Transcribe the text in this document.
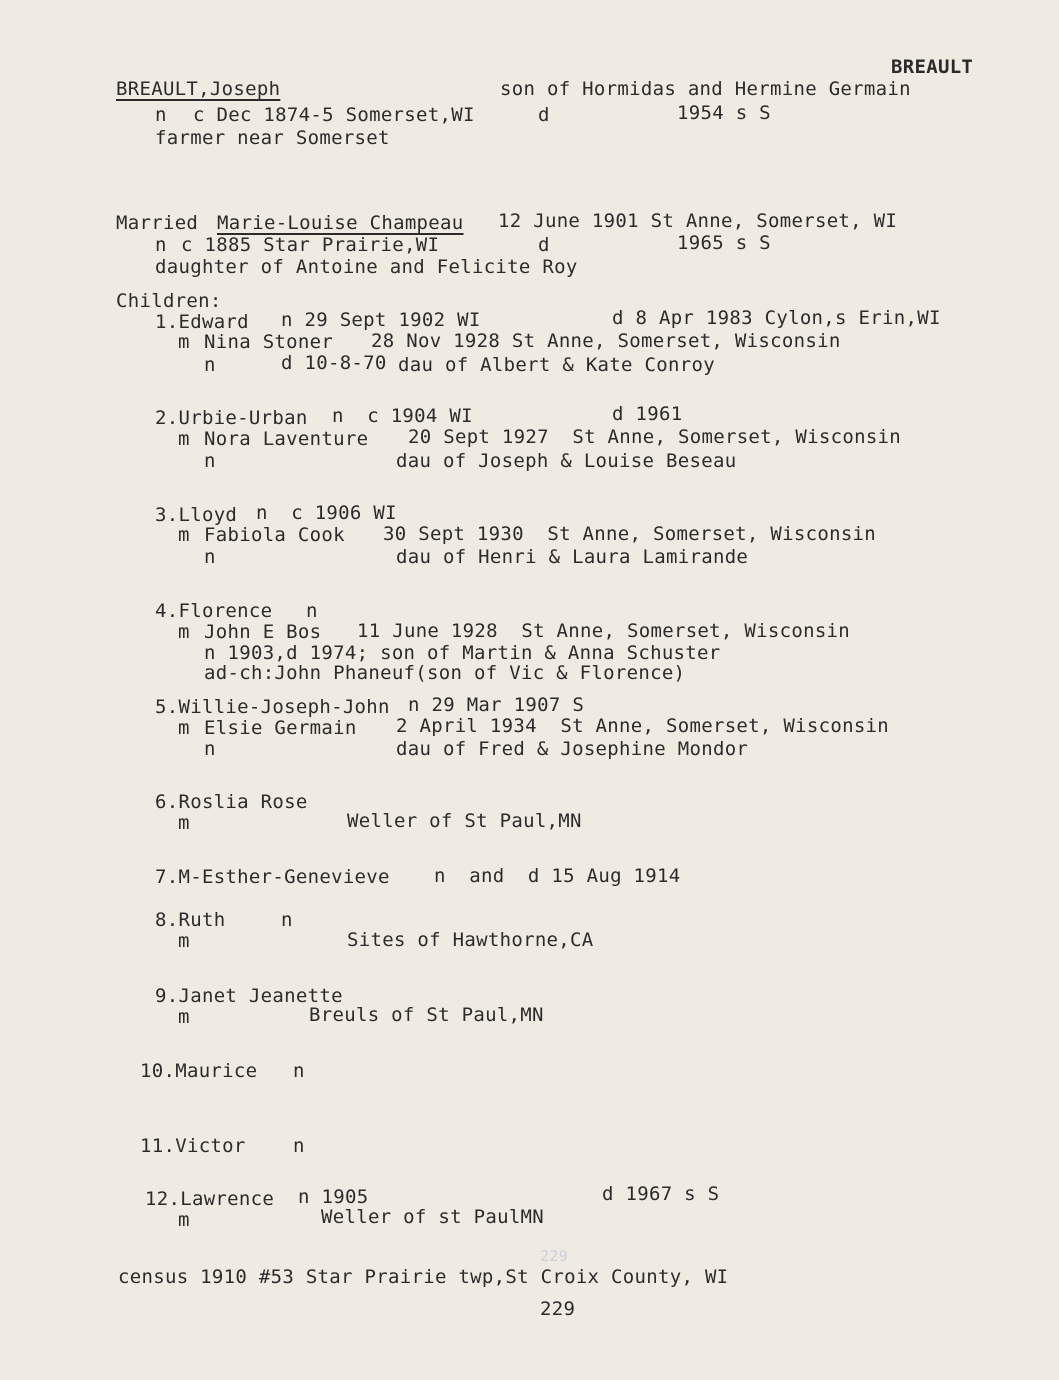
BREAULT
BREAULT,Joseph	son of Hormidas and Hermine Germain
n c Dec 1874-5 Somerset,WI	d	1954 s S
farmer near Somerset
Married Marie-Louise Champeau 12 June 1901 St Anne, Somerset, WI
n c 1885 Star Prairie,WI	d	1965 s S
daughter of Antoine and Felicite Roy
Children:
1.Edward n 29 Sept 1902 WI	d 8 Apr 1983 Cylon,s Erin,WI
m Nina Stoner 28 Nov 1928 St Anne, Somerset, Wisconsin
n	d 10-8-70 dau of Albert & Kate Conroy
2.Urbie-Urban n  c 1904 WI	d 1961
m Nora Laventure 20 Sept 1927  St Anne, Somerset, Wisconsin
n	dau of Joseph & Louise Beseau
3.Lloyd n  c 1906 WI
m Fabiola Cook 30 Sept 1930  St Anne, Somerset, Wisconsin
n	dau of Henri & Laura Lamirande
4.Florence n
m John E Bos 11 June 1928  St Anne, Somerset, Wisconsin
n 1903,d 1974; son of Martin & Anna Schuster
ad-ch:John Phaneuf(son of Vic & Florence)
5.Willie-Joseph-John n 29 Mar 1907 S
m Elsie Germain 2 April 1934  St Anne, Somerset, Wisconsin
n	dau of Fred & Josephine Mondor
6.Roslia Rose
m	Weller of St Paul,MN
7.M-Esther-Genevieve n  and  d 15 Aug 1914
8.Ruth	n
m	Sites of Hawthorne,CA
9.Janet Jeanette
m	Breuls of St Paul,MN
10.Maurice n
11.Victor n
12.Lawrence n 1905	d 1967 s S
m	Weller of st PaulMN
229
census 1910 #53 Star Prairie twp,St Croix County, WI
229
